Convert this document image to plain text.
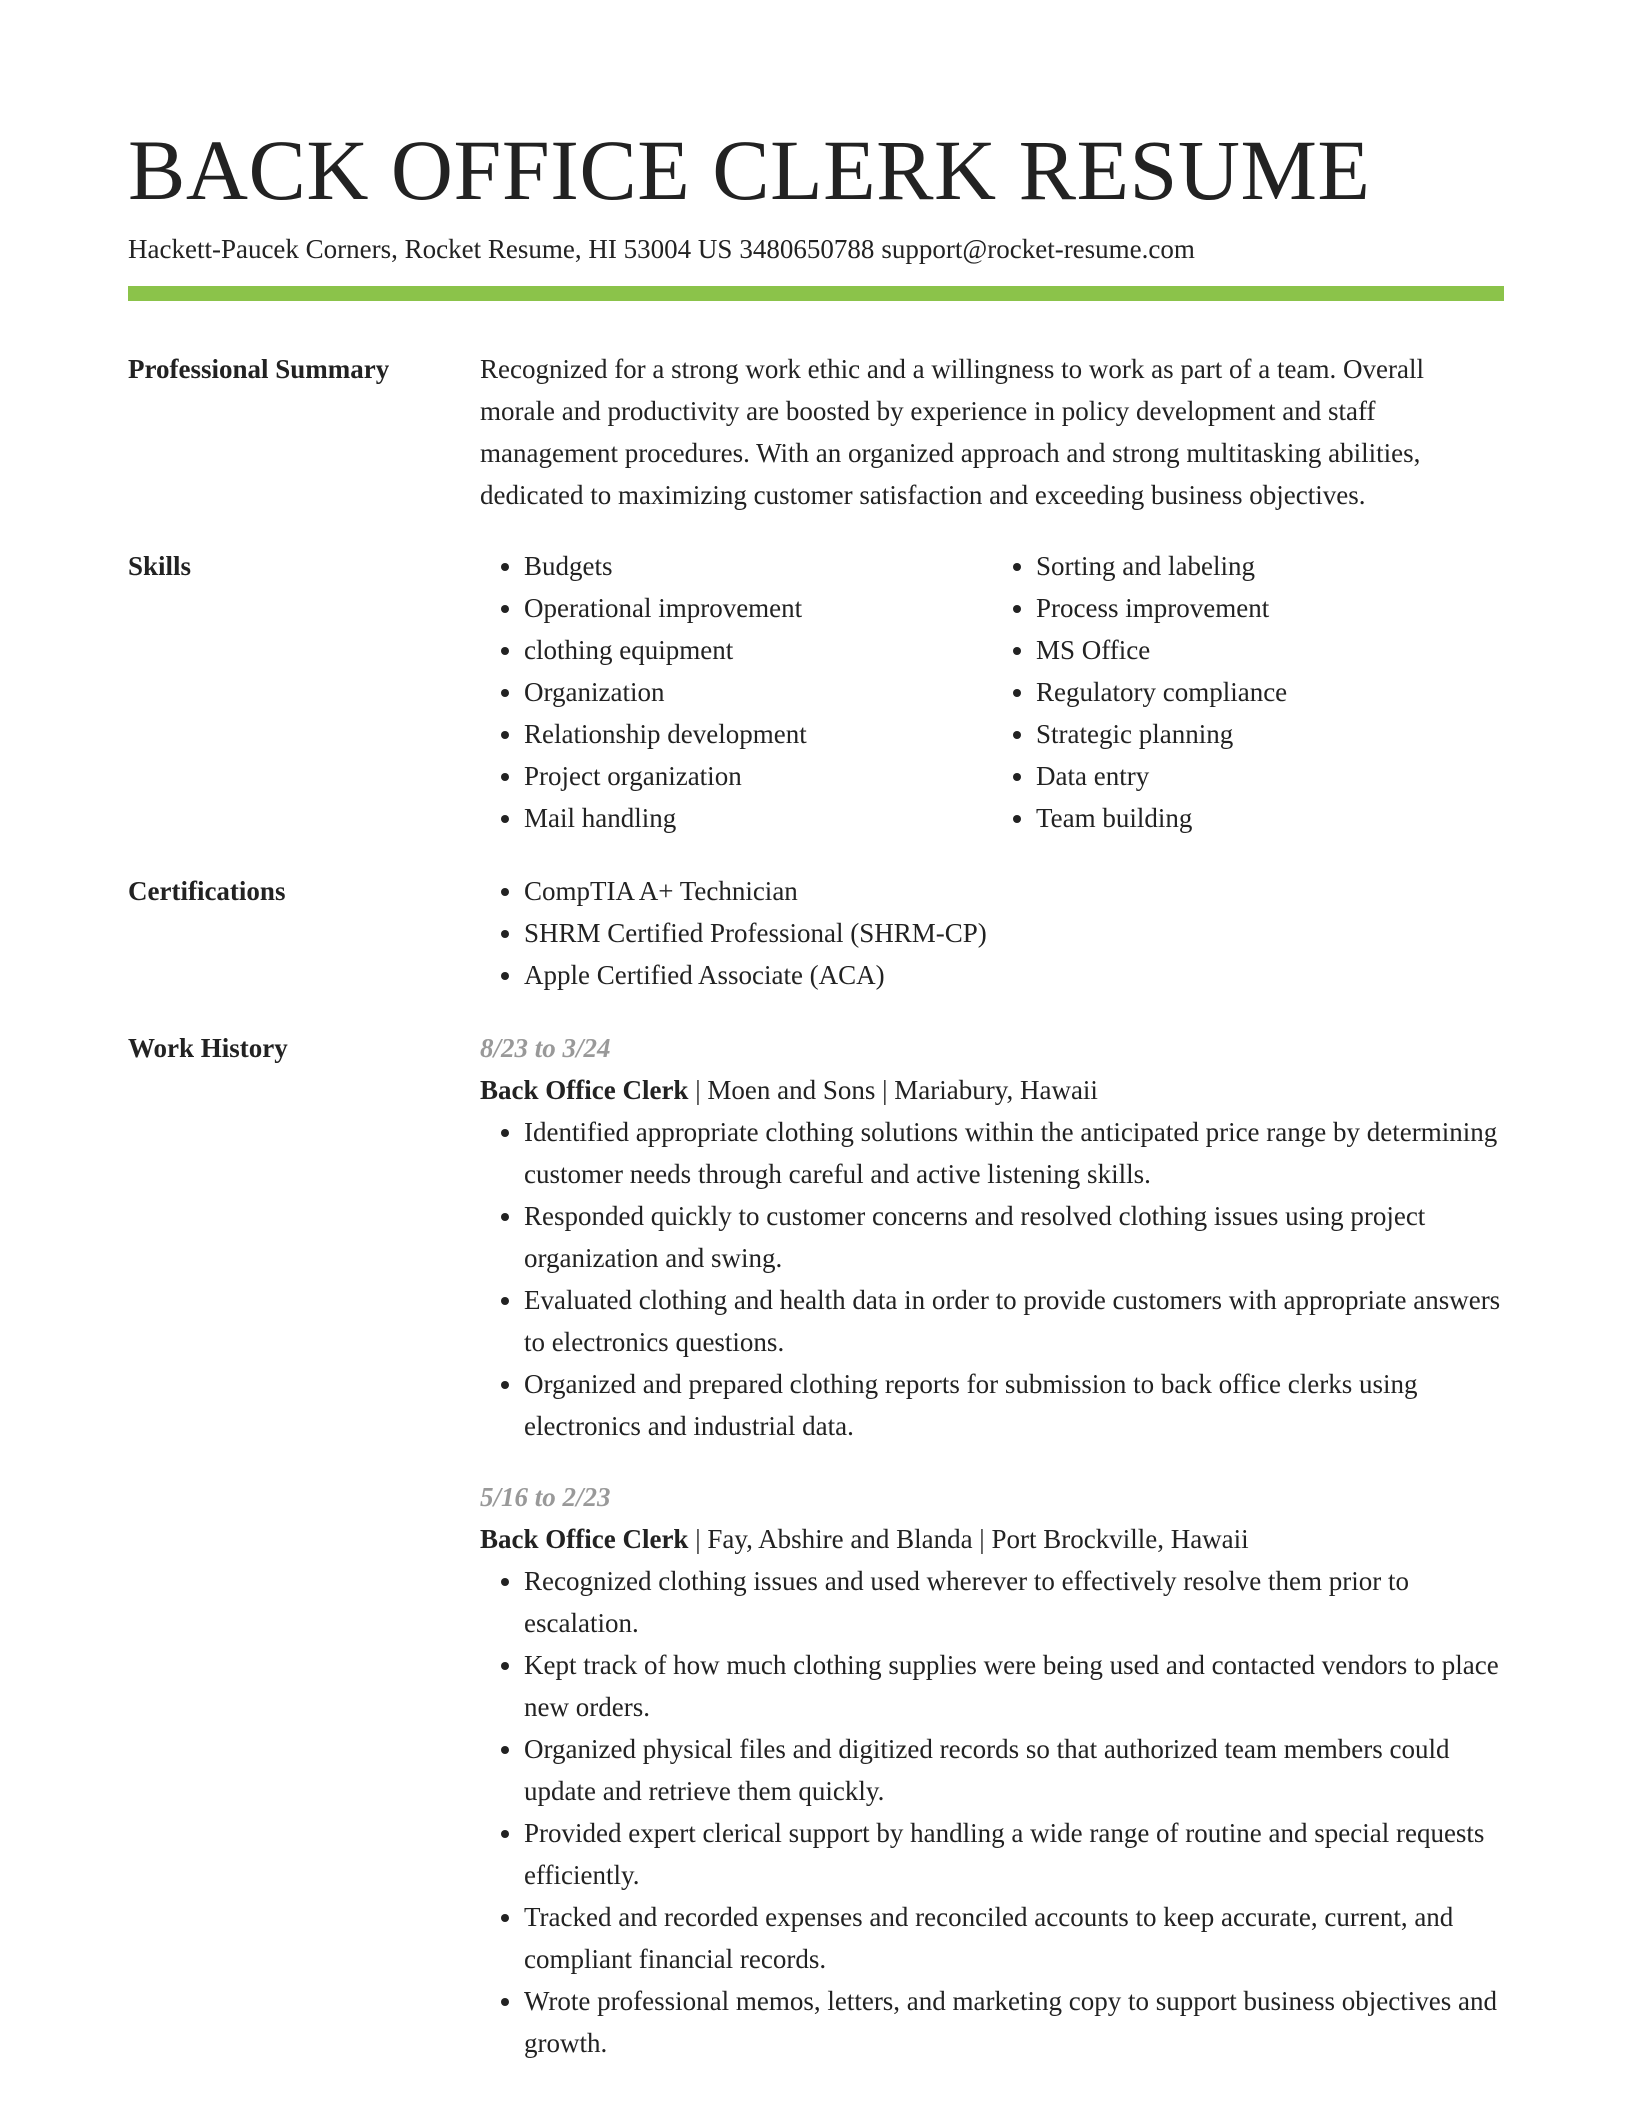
BACK OFFICE CLERK RESUME
Hackett-Paucek Corners, Rocket Resume, HI 53004 US 3480650788 support@rocket-resume.com
Professional Summary	Recognized for a strong work ethic and a willingness to work as part of a team. Overall morale and productivity are boosted by experience in policy development and staff management procedures. With an organized approach and strong multitasking abilities, dedicated to maximizing customer satisfaction and exceeding business objectives.

Skills	• Budgets
• Operational improvement
• clothing equipment
• Organization
• Relationship development
• Project organization
• Mail handling
• Sorting and labeling
• Process improvement
• MS Office
• Regulatory compliance
• Strategic planning
• Data entry
• Team building
Certifications	• CompTIA A+ Technician
• SHRM Certified Professional (SHRM-CP)
• Apple Certified Associate (ACA)
Work History	8/23 to 3/24
Back Office Clerk | Moen and Sons | Mariabury, Hawaii
• Identified appropriate clothing solutions within the anticipated price range by determining customer needs through careful and active listening skills.
• Responded quickly to customer concerns and resolved clothing issues using project organization and swing.
• Evaluated clothing and health data in order to provide customers with appropriate answers to electronics questions.
• Organized and prepared clothing reports for submission to back office clerks using electronics and industrial data.
5/16 to 2/23
Back Office Clerk | Fay, Abshire and Blanda | Port Brockville, Hawaii
• Recognized clothing issues and used wherever to effectively resolve them prior to escalation.
• Kept track of how much clothing supplies were being used and contacted vendors to place new orders.
• Organized physical files and digitized records so that authorized team members could update and retrieve them quickly.
• Provided expert clerical support by handling a wide range of routine and special requests efficiently.
• Tracked and recorded expenses and reconciled accounts to keep accurate, current, and compliant financial records.
• Wrote professional memos, letters, and marketing copy to support business objectives and growth.
